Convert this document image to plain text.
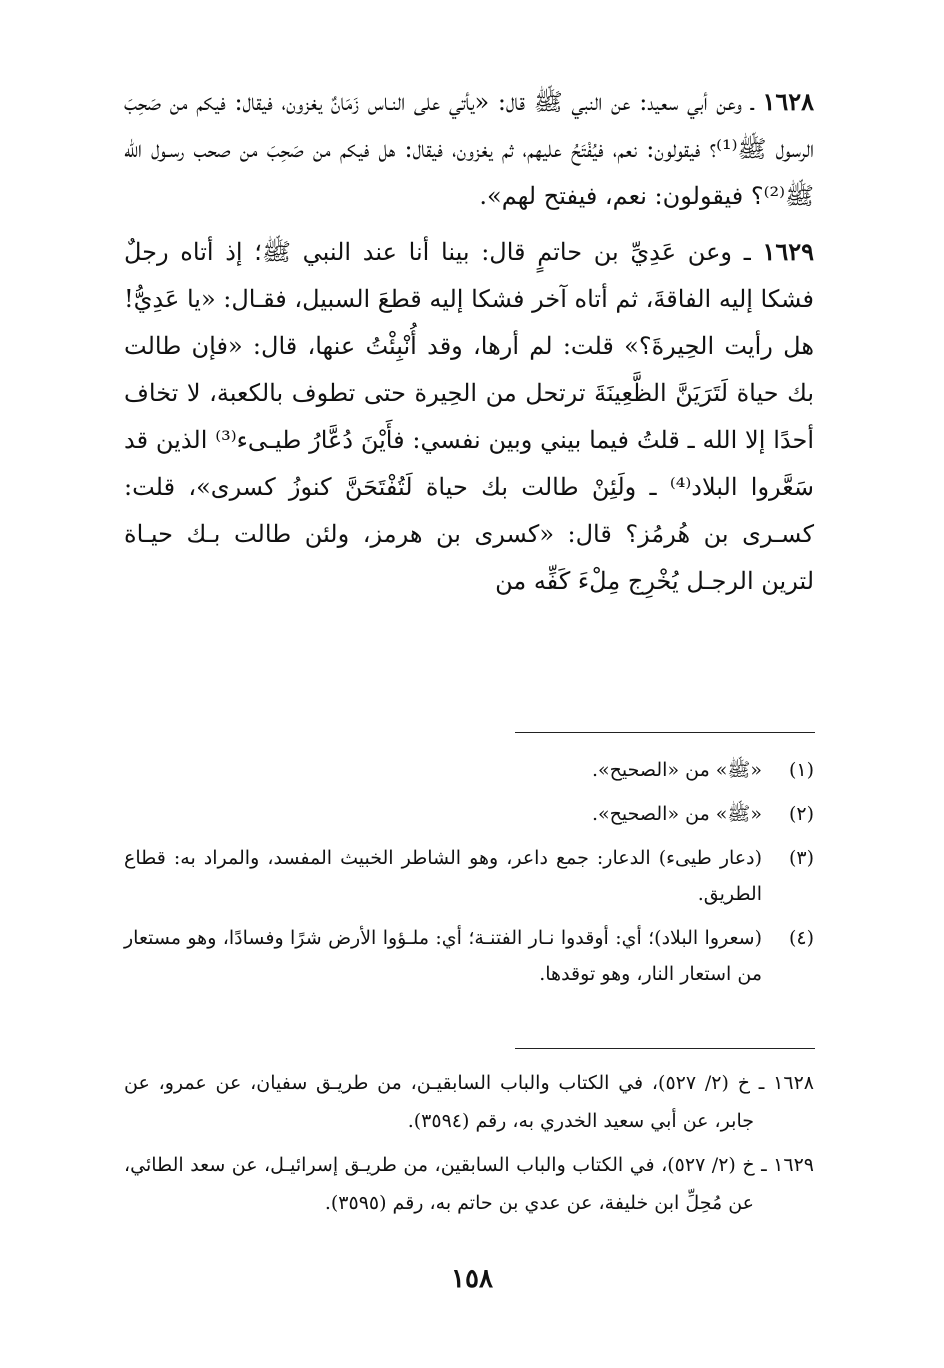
١٦٢٨ ـ وعن أبي سعيد: عن النبي ﷺ قال: «يأتي على النـاس زَمَانٌ يغزون، فيقال: فيكم من صَحِبَ الرسول ﷺ⁽¹⁾؟ فيقولون: نعم، فيُفْتَحُ عليهم، ثم يغزون، فيقال: هل فيكم من صَحِبَ من صحب رسـول الله ﷺ⁽²⁾؟ فيقولون: نعم، فيفتح لهم».

١٦٢٩ ـ وعن عَدِيِّ بن حاتمٍ قال: بينا أنا عند النبي ﷺ؛ إذ أتاه رجلٌ فشكا إليه الفاقةَ، ثم أتاه آخر فشكا إليه قطعَ السبيل، فقـال: «يا عَدِيُّ! هل رأيت الحِيرةَ؟» قلت: لم أرها، وقد أُنْبِئْتُ عنها، قال: «فإن طالت بك حياة لَتَرَيَنَّ الظَّعِينَةَ ترتحل من الحِيرة حتى تطوف بالكعبة، لا تخاف أحدًا إلا الله ـ قلتُ فيما بيني وبين نفسي: فأَيْنَ دُعَّارُ طيـىء⁽³⁾ الذين قد سَعَّروا البلاد⁽⁴⁾ ـ ولَئِنْ طالت بك حياة لَتُفْتَحَنَّ كنوزُ كسرى»، قلت: كسـرى بن هُرمُز؟ قال: «كسرى بن هرمز، ولئن طالت بـك حيـاة لترين الرجـل يُخْرِج مِلْءَ كَفِّه من

(١)
«ﷺ» من «الصحيح».
(٢)
«ﷺ» من «الصحيح».
(٣)
(دعار طيىء) الدعار: جمع داعر، وهو الشاطر الخبيث المفسد، والمراد به: قطاع الطريق.
(٤)
(سعروا البلاد)؛ أي: أوقدوا نـار الفتنـة؛ أي: ملـؤوا الأرض شرًا وفسادًا، وهو مستعار من استعار النار، وهو توقدها.
١٦٢٨ ـ خ (٢/ ٥٢٧)، في الكتاب والباب السابقيـن، من طريـق سفيان، عن عمرو، عن جابر، عن أبي سعيد الخدري به، رقم (٣٥٩٤).
١٦٢٩ ـ خ (٢/ ٥٢٧)، في الكتاب والباب السابقين، من طريـق إسرائيـل، عن سعد الطائي، عن مُحِلِّ ابن خليفة، عن عدي بن حاتم به، رقم (٣٥٩٥).
١٥٨
